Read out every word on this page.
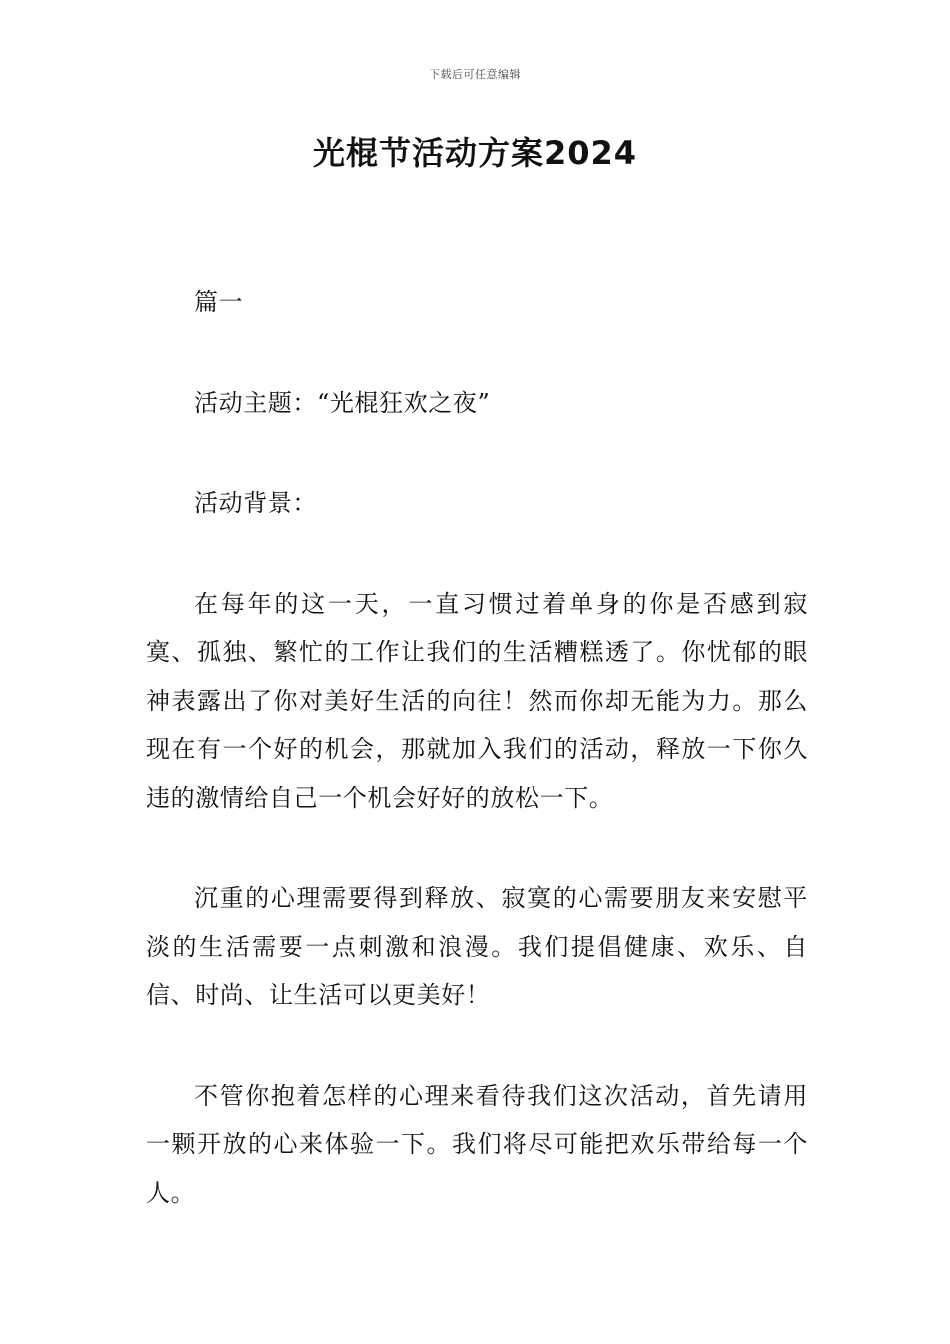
下载后可任意编辑
光棍节活动方案2024

篇一

活动主题：“光棍狂欢之夜”

活动背景：

在每年的这一天，一直习惯过着单身的你是否感到寂寞、孤独、繁忙的工作让我们的生活糟糕透了。你忧郁的眼神表露出了你对美好生活的向往！然而你却无能为力。那么现在有一个好的机会，那就加入我们的活动，释放一下你久违的激情给自己一个机会好好的放松一下。

沉重的心理需要得到释放、寂寞的心需要朋友来安慰平淡的生活需要一点刺激和浪漫。我们提倡健康、欢乐、自信、时尚、让生活可以更美好！

不管你抱着怎样的心理来看待我们这次活动，首先请用一颗开放的心来体验一下。我们将尽可能把欢乐带给每一个人。
